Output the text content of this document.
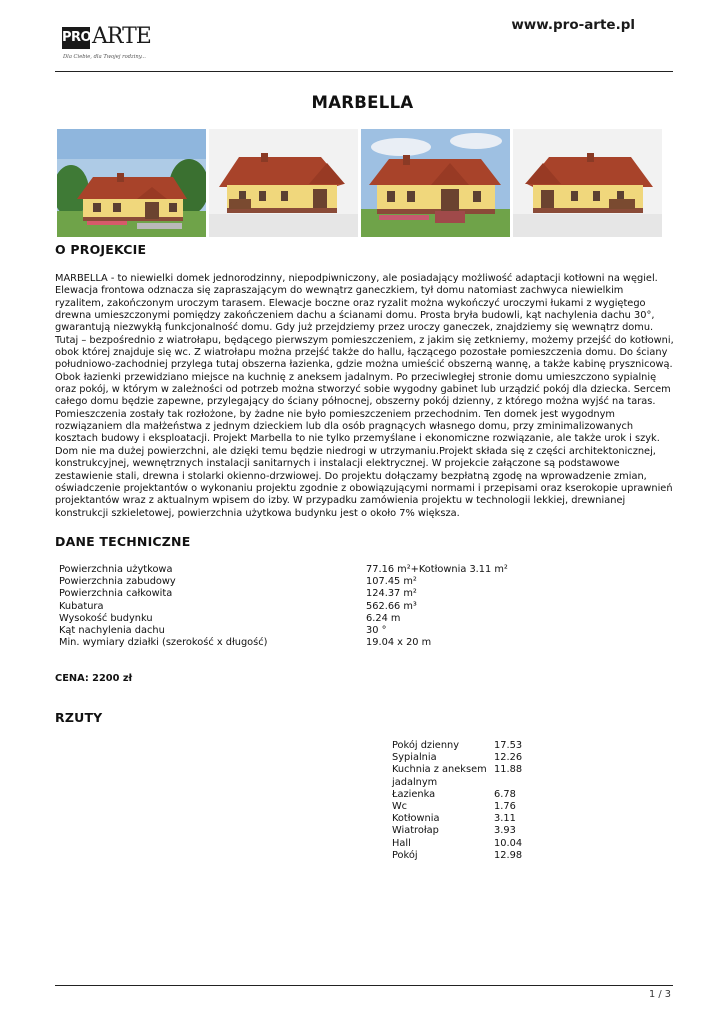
PRO ARTE
Dla Ciebie, dla Twojej rodziny...
www.pro-arte.pl
MARBELLA
O PROJEKCIE
MARBELLA - to niewielki domek jednorodzinny, niepodpiwniczony, ale posiadający możliwość adaptacji kotłowni na węgiel. Elewacja frontowa odznacza się zapraszającym do wewnątrz ganeczkiem, tył domu natomiast zachwyca niewielkim ryzalitem, zakończonym uroczym tarasem. Elewacje boczne oraz ryzalit można wykończyć uroczymi łukami z wygiętego drewna umieszczonymi pomiędzy zakończeniem dachu a ścianami domu. Prosta bryła budowli, kąt nachylenia dachu 30°, gwarantują niezwykłą funkcjonalność domu. Gdy już przejdziemy przez uroczy ganeczek, znajdziemy się wewnątrz domu. Tutaj – bezpośrednio z wiatrołapu, będącego pierwszym pomieszczeniem, z jakim się zetkniemy, możemy przejść do kotłowni, obok której znajduje się wc. Z wiatrołapu można przejść także do hallu, łączącego pozostałe pomieszczenia domu. Do ściany południowo-zachodniej przylega tutaj obszerna łazienka, gdzie można umieścić obszerną wannę, a także kabinę prysznicową. Obok łazienki przewidziano miejsce na kuchnię z aneksem jadalnym. Po przeciwległej stronie domu umieszczono sypialnię oraz pokój, w którym w zależności od potrzeb można stworzyć sobie wygodny gabinet lub urządzić pokój dla dziecka. Sercem całego domu będzie zapewne, przylegający do ściany północnej, obszerny pokój dzienny, z którego można wyjść na taras. Pomieszczenia zostały tak rozłożone, by żadne nie było pomieszczeniem przechodnim. Ten domek jest wygodnym rozwiązaniem dla małżeństwa z jednym dzieckiem lub dla osób pragnących własnego domu, przy zminimalizowanych kosztach budowy i eksploatacji. Projekt Marbella to nie tylko przemyślane i ekonomiczne rozwiązanie, ale także urok i szyk. Dom nie ma dużej powierzchni, ale dzięki temu będzie niedrogi w utrzymaniu.Projekt składa się z części architektonicznej, konstrukcyjnej, wewnętrznych instalacji sanitarnych i instalacji elektrycznej. W projekcie załączone są podstawowe zestawienie stali, drewna i stolarki okienno-drzwiowej. Do projektu dołączamy bezpłatną zgodę na wprowadzenie zmian, oświadczenie projektantów o wykonaniu projektu zgodnie z obowiązującymi normami i przepisami oraz kserokopie uprawnień projektantów wraz z aktualnym wpisem do izby. W przypadku zamówienia projektu w technologii lekkiej, drewnianej konstrukcji szkieletowej, powierzchnia użytkowa budynku jest o około 7% większa.
DANE TECHNICZNE
Powierzchnia użytkowa	77.16 m²+Kotłownia 3.11 m²
Powierzchnia zabudowy	107.45 m²
Powierzchnia całkowita	124.37 m²
Kubatura	562.66 m³
Wysokość budynku	6.24 m
Kąt nachylenia dachu	30 °
Min. wymiary działki (szerokość x długość)	19.04 x 20 m
CENA: 2200 zł
RZUTY
Pokój dzienny	17.53
Sypialnia	12.26
Kuchnia z aneksem jadalnym	11.88
Łazienka	6.78
Wc	1.76
Kotłownia	3.11
Wiatrołap	3.93
Hall	10.04
Pokój	12.98
1 / 3
